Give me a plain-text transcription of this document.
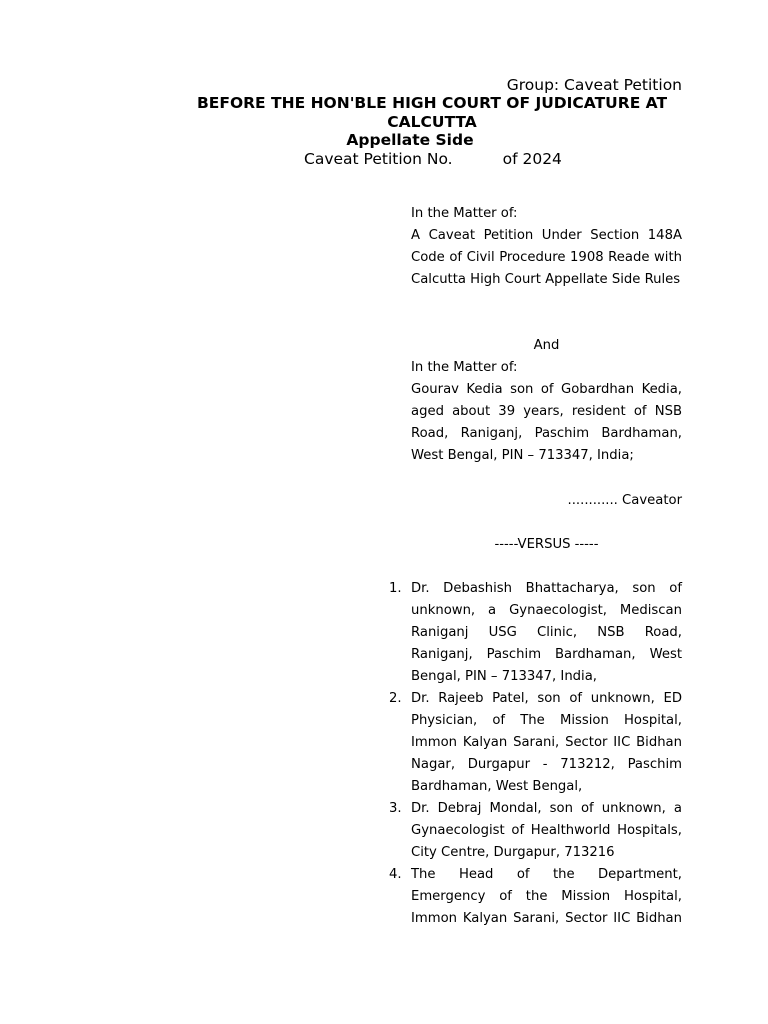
Group: Caveat Petition
BEFORE THE HON'BLE HIGH COURT OF JUDICATURE AT CALCUTTA
Appellate Side
Caveat Petition No.	of 2024
In the Matter of:
A Caveat Petition Under Section 148A Code of Civil Procedure 1908 Reade with Calcutta High Court Appellate Side Rules
And
In the Matter of:
Gourav Kedia son of Gobardhan Kedia, aged about 39 years, resident of NSB Road, Raniganj, Paschim Bardhaman, West Bengal, PIN – 713347, India;
............ Caveator
-----VERSUS -----
1. Dr. Debashish Bhattacharya, son of unknown, a Gynaecologist, Mediscan Raniganj USG Clinic, NSB Road, Raniganj, Paschim Bardhaman, West Bengal, PIN – 713347, India,
2. Dr. Rajeeb Patel, son of unknown, ED Physician, of The Mission Hospital, Immon Kalyan Sarani, Sector IIC Bidhan Nagar, Durgapur - 713212, Paschim Bardhaman, West Bengal,
3. Dr. Debraj Mondal, son of unknown, a Gynaecologist of Healthworld Hospitals, City Centre, Durgapur, 713216
4. The Head of the Department, Emergency of the Mission Hospital, Immon Kalyan Sarani, Sector IIC Bidhan
